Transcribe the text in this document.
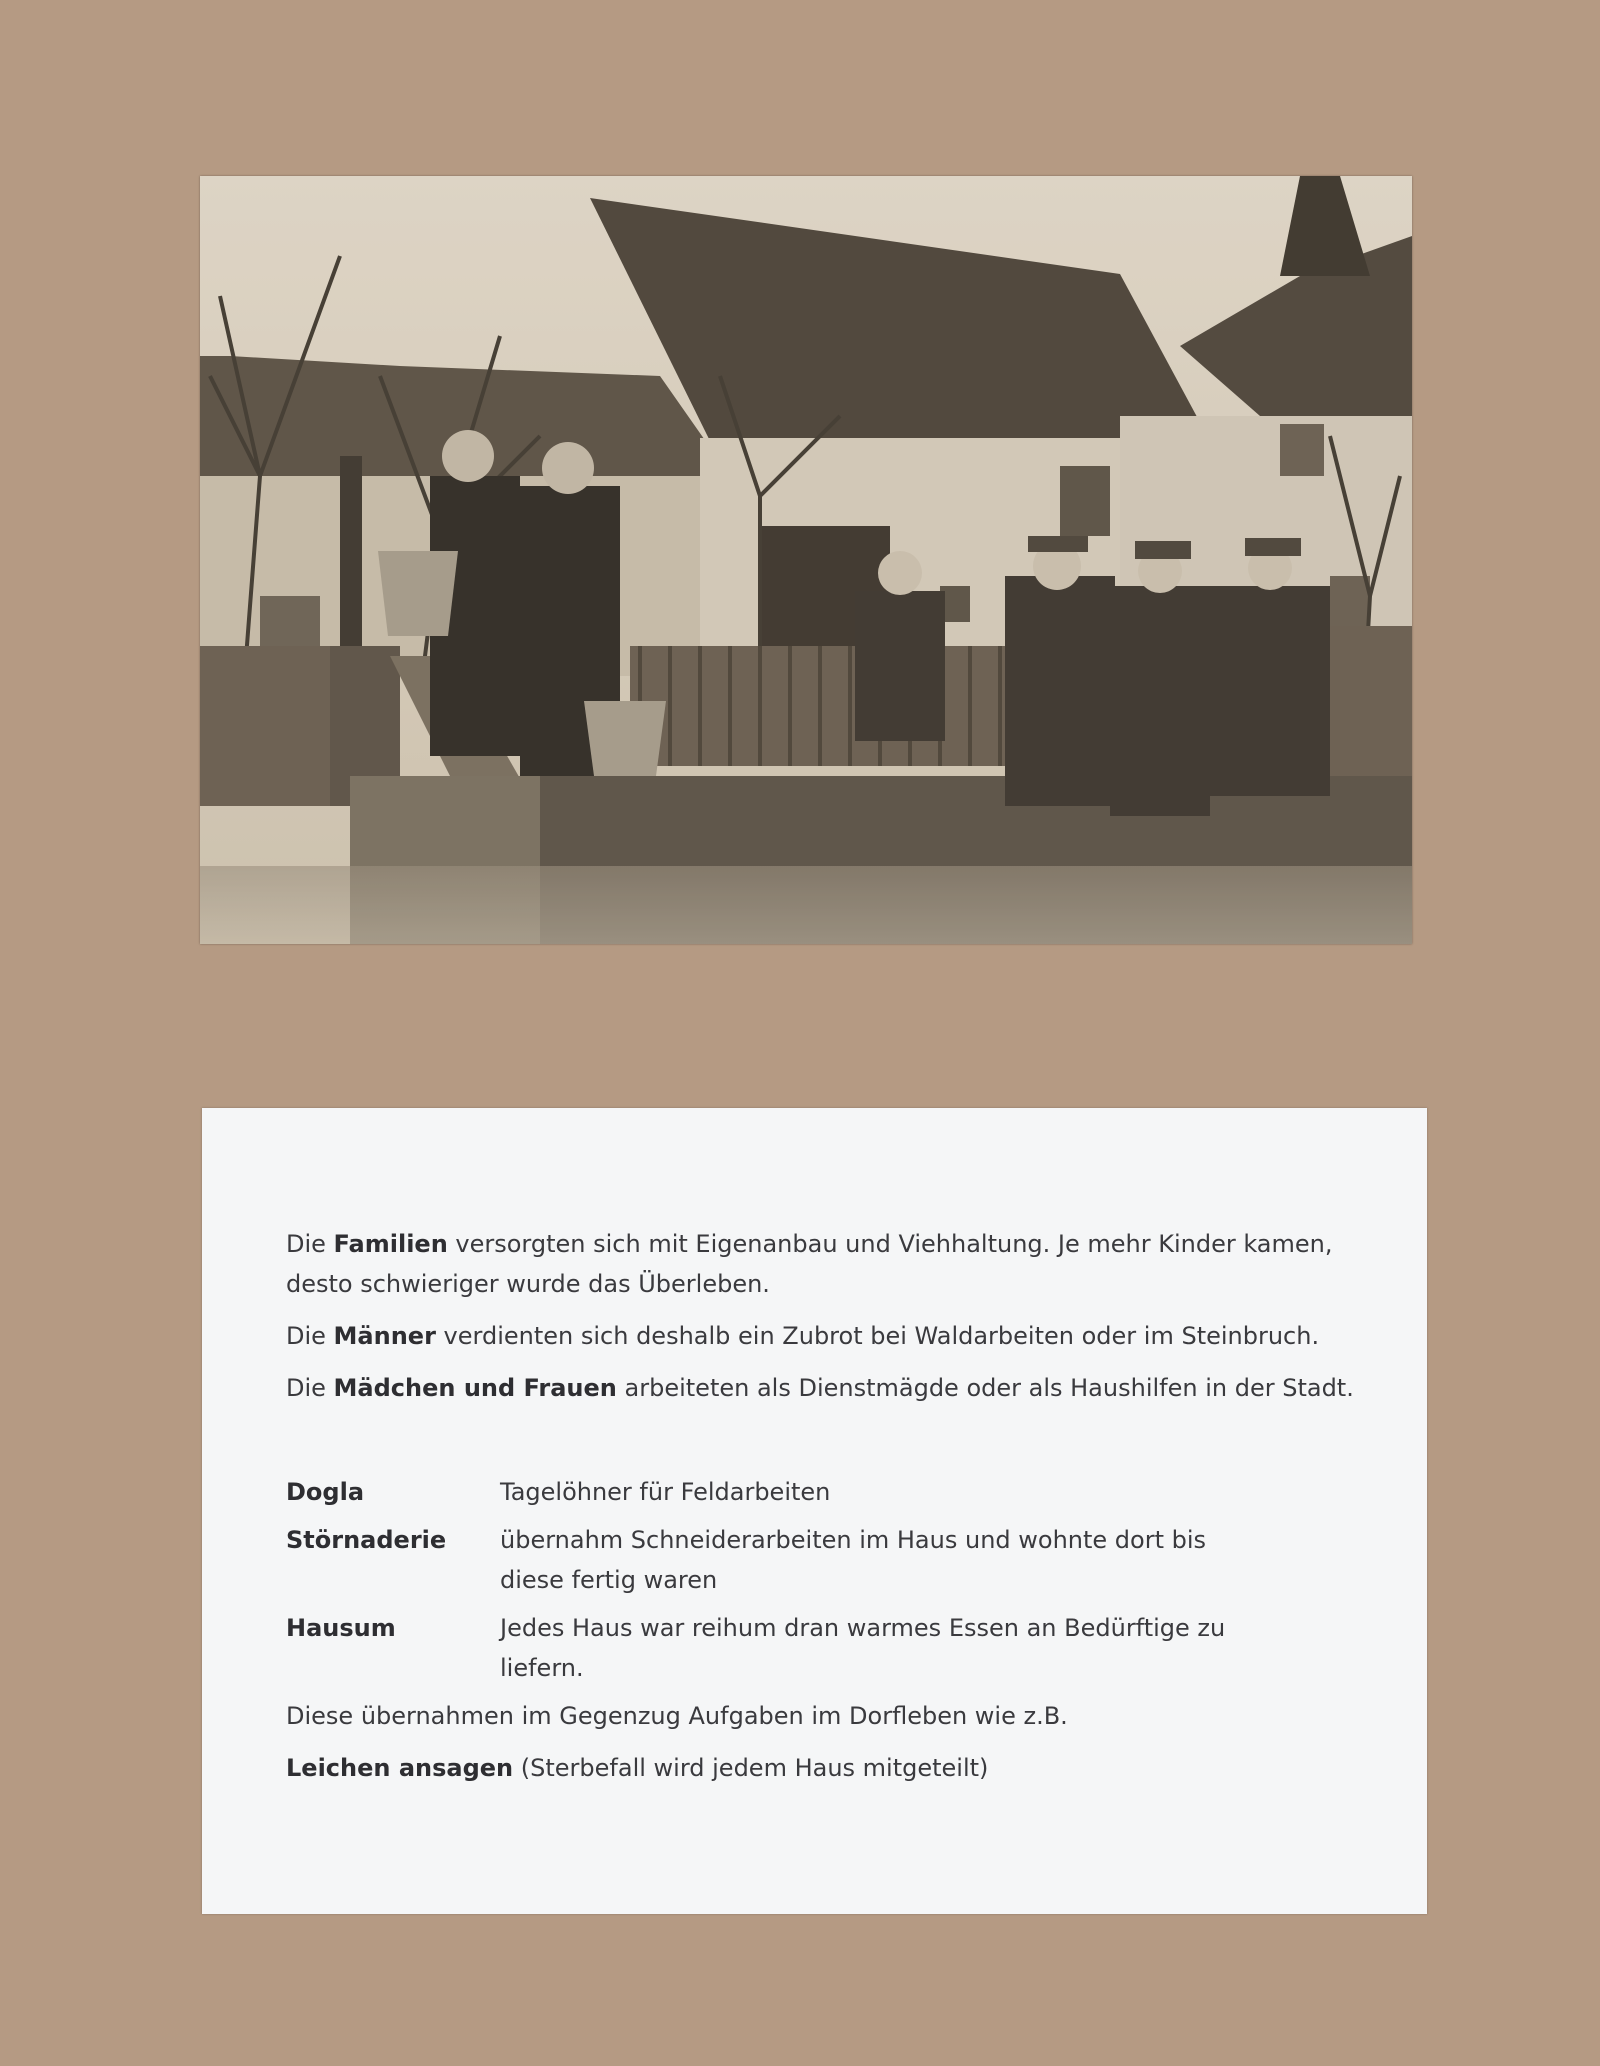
Die Familien versorgten sich mit Eigenanbau und Viehhaltung. Je mehr Kinder kamen, desto schwieriger wurde das Überleben.

Die Männer verdienten sich deshalb ein Zubrot bei Waldarbeiten oder im Steinbruch.

Die Mädchen und Frauen arbeiteten als Dienstmägde oder als Haushilfen in der Stadt.

Dogla	Tagelöhner für Feldarbeiten
Störnaderie	übernahm Schneiderarbeiten im Haus und wohnte dort bis diese fertig waren
Hausum	Jedes Haus war reihum dran warmes Essen an Bedürftige zu liefern.

Diese übernahmen im Gegenzug Aufgaben im Dorfleben wie z.B.

Leichen ansagen (Sterbefall wird jedem Haus mitgeteilt)
